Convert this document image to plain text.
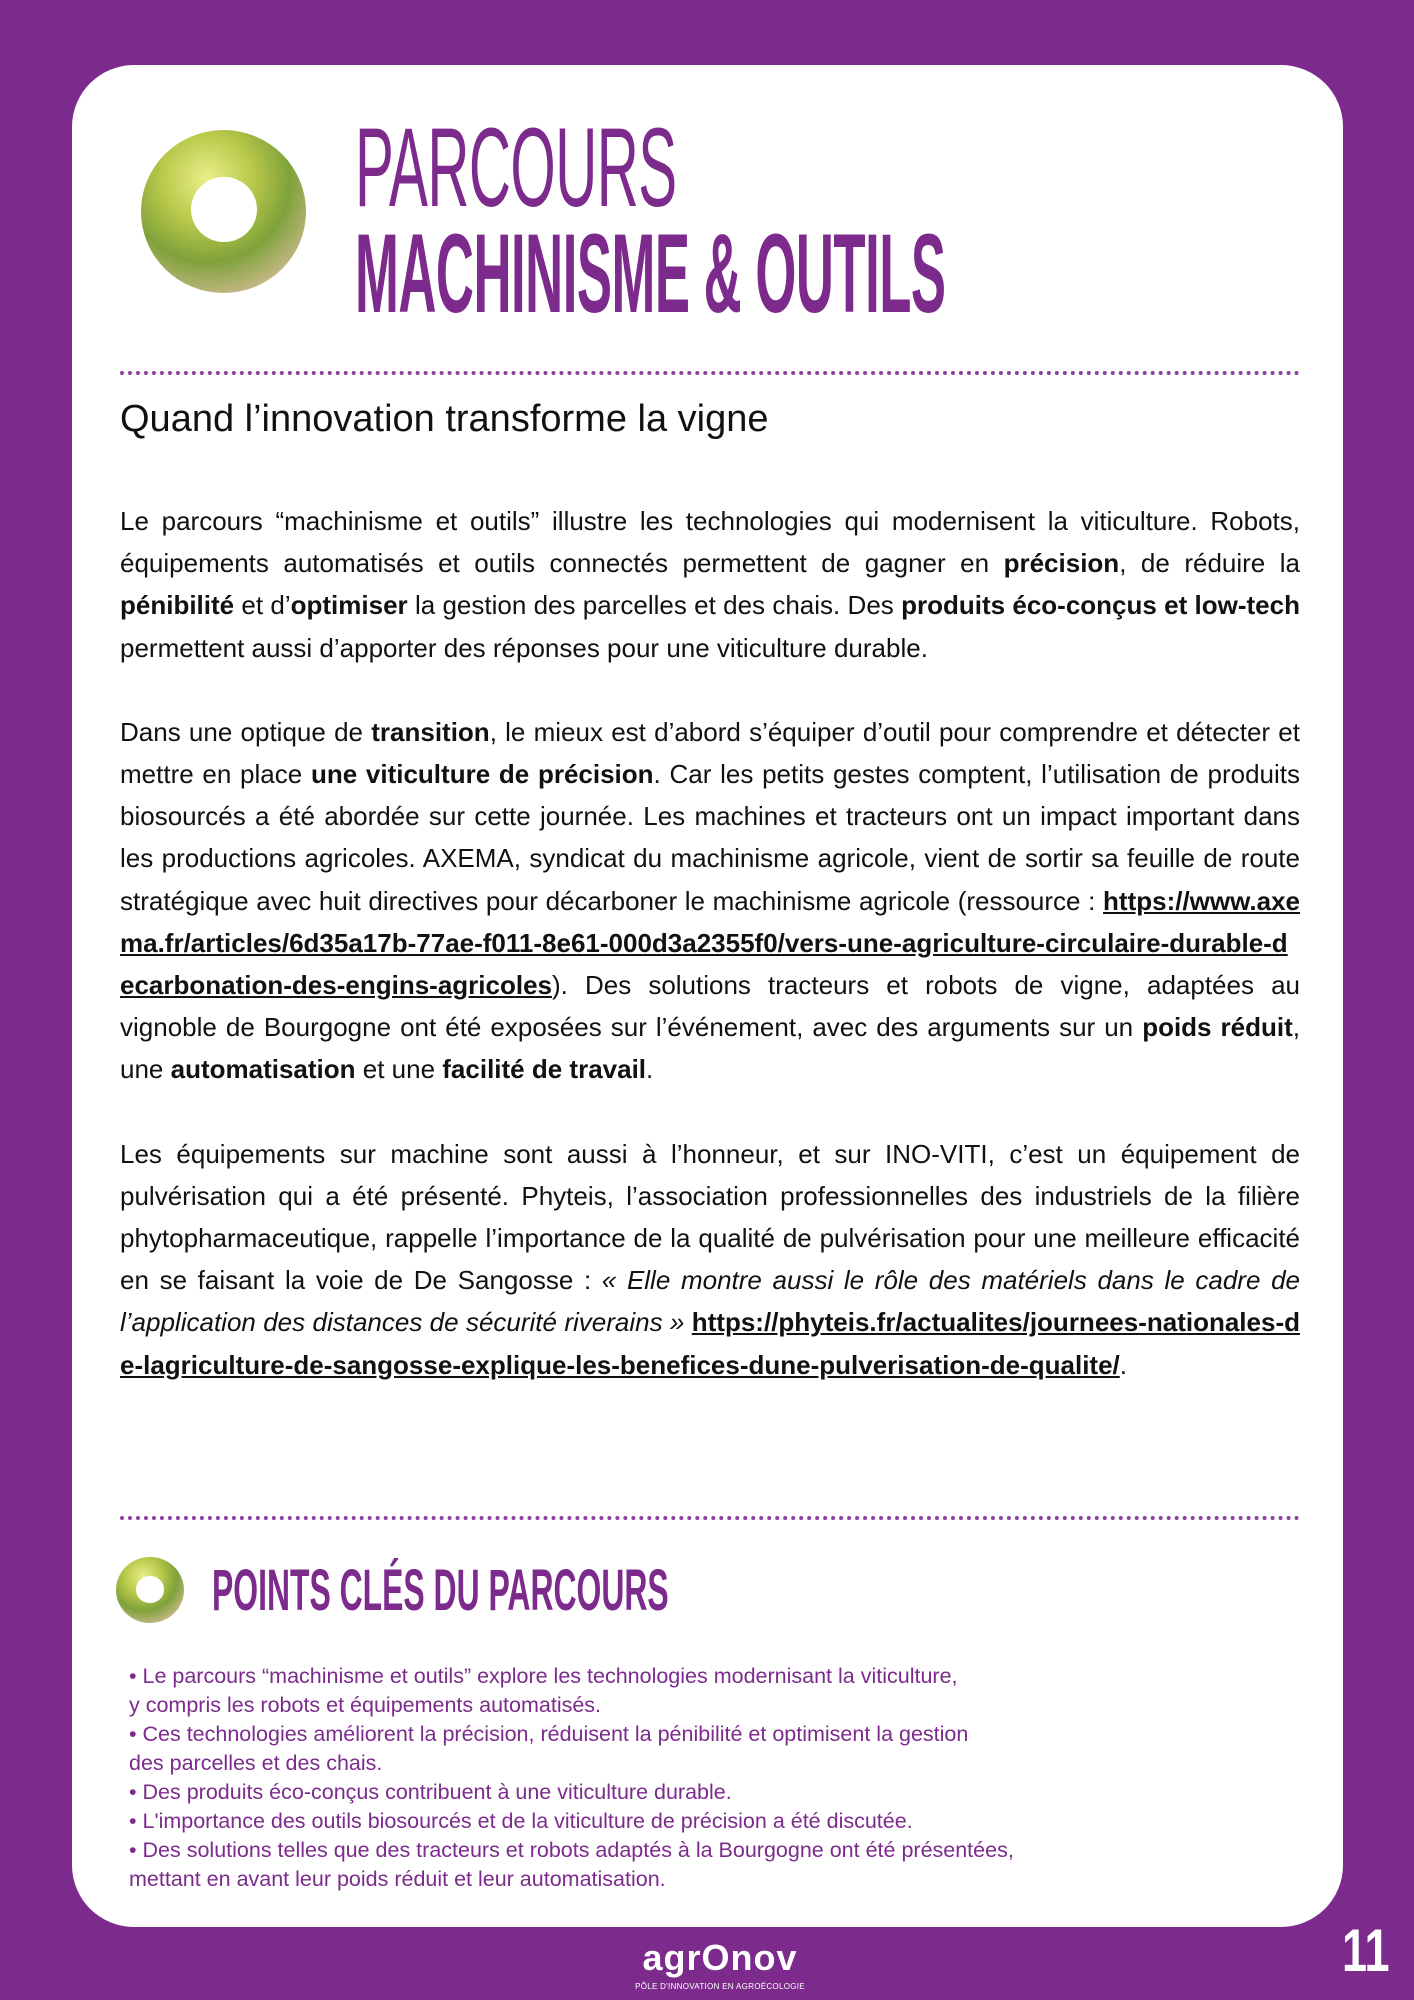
PARCOURS
MACHINISME & OUTILS
Quand l’innovation transforme la vigne

Le parcours “machinisme et outils” illustre les technologies qui modernisent la viticulture. Robots, équipements automatisés et outils connectés permettent de gagner en précision, de réduire la pénibilité et d’optimiser la gestion des parcelles et des chais. Des produits éco-conçus et low-tech permettent aussi d’apporter des réponses pour une viticulture durable.

Dans une optique de transition, le mieux est d’abord s’équiper d’outil pour comprendre et détecter et mettre en place une viticulture de précision. Car les petits gestes comptent, l’utilisation de produits biosourcés a été abordée sur cette journée. Les machines et tracteurs ont un impact important dans les productions agricoles. AXEMA, syndicat du machinisme agricole, vient de sortir sa feuille de route stratégique avec huit directives pour décarboner le machinisme agricole (ressource : https://www.axema.fr/articles/6d35a17b-77ae-f011-8e61-000d3a2355f0/vers-une-agriculture-circulaire-durable-decarbonation-des-engins-agricoles). Des solutions tracteurs et robots de vigne, adaptées au vignoble de Bourgogne ont été exposées sur l’événement, avec des arguments sur un poids réduit, une automatisation et une facilité de travail.

Les équipements sur machine sont aussi à l’honneur, et sur INO-VITI, c’est un équipement de pulvérisation qui a été présenté. Phyteis, l’association professionnelles des industriels de la filière phytopharmaceutique, rappelle l’importance de la qualité de pulvérisation pour une meilleure efficacité en se faisant la voie de De Sangosse : « Elle montre aussi le rôle des matériels dans le cadre de l’application des distances de sécurité riverains » https://phyteis.fr/actualites/journees-nationales-de-lagriculture-de-sangosse-explique-les-benefices-dune-pulverisation-de-qualite/.

POINTS CLÉS DU PARCOURS
• Le parcours “machinisme et outils” explore les technologies modernisant la viticulture,
y compris les robots et équipements automatisés.
• Ces technologies améliorent la précision, réduisent la pénibilité et optimisent la gestion
des parcelles et des chais.
• Des produits éco-conçus contribuent à une viticulture durable.
• L'importance des outils biosourcés et de la viticulture de précision a été discutée.
• Des solutions telles que des tracteurs et robots adaptés à la Bourgogne ont été présentées,
mettant en avant leur poids réduit et leur automatisation.
agrOnov
PÔLE D'INNOVATION EN AGROÉCOLOGIE
11
